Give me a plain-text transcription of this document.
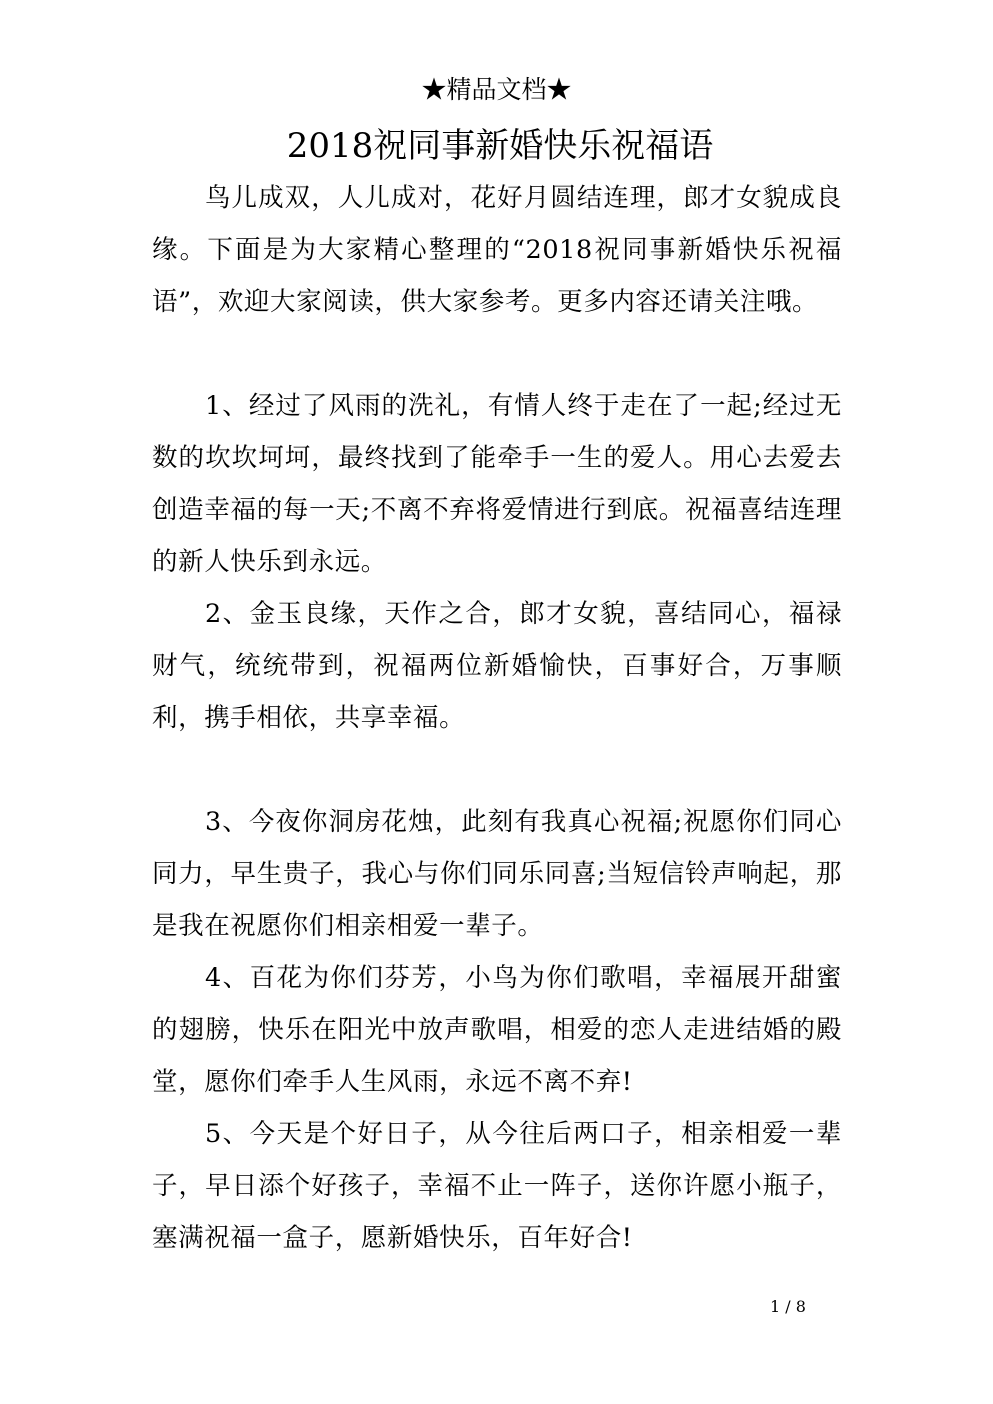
★精品文档★
2018祝同事新婚快乐祝福语

鸟儿成双，人儿成对，花好月圆结连理，郎才女貌成良缘。下面是为大家精心整理的“2018祝同事新婚快乐祝福语”，欢迎大家阅读，供大家参考。更多内容还请关注哦。

1、经过了风雨的洗礼，有情人终于走在了一起;经过无数的坎坎坷坷，最终找到了能牵手一生的爱人。用心去爱去创造幸福的每一天;不离不弃将爱情进行到底。祝福喜结连理的新人快乐到永远。

2、金玉良缘，天作之合，郎才女貌，喜结同心，福禄财气，统统带到，祝福两位新婚愉快，百事好合，万事顺利，携手相依，共享幸福。

3、今夜你洞房花烛，此刻有我真心祝福;祝愿你们同心同力，早生贵子，我心与你们同乐同喜;当短信铃声响起，那是我在祝愿你们相亲相爱一辈子。

4、百花为你们芬芳，小鸟为你们歌唱，幸福展开甜蜜的翅膀，快乐在阳光中放声歌唱，相爱的恋人走进结婚的殿堂，愿你们牵手人生风雨，永远不离不弃!

5、今天是个好日子，从今往后两口子，相亲相爱一辈子，早日添个好孩子，幸福不止一阵子，送你许愿小瓶子，塞满祝福一盒子，愿新婚快乐，百年好合!

1 / 8
